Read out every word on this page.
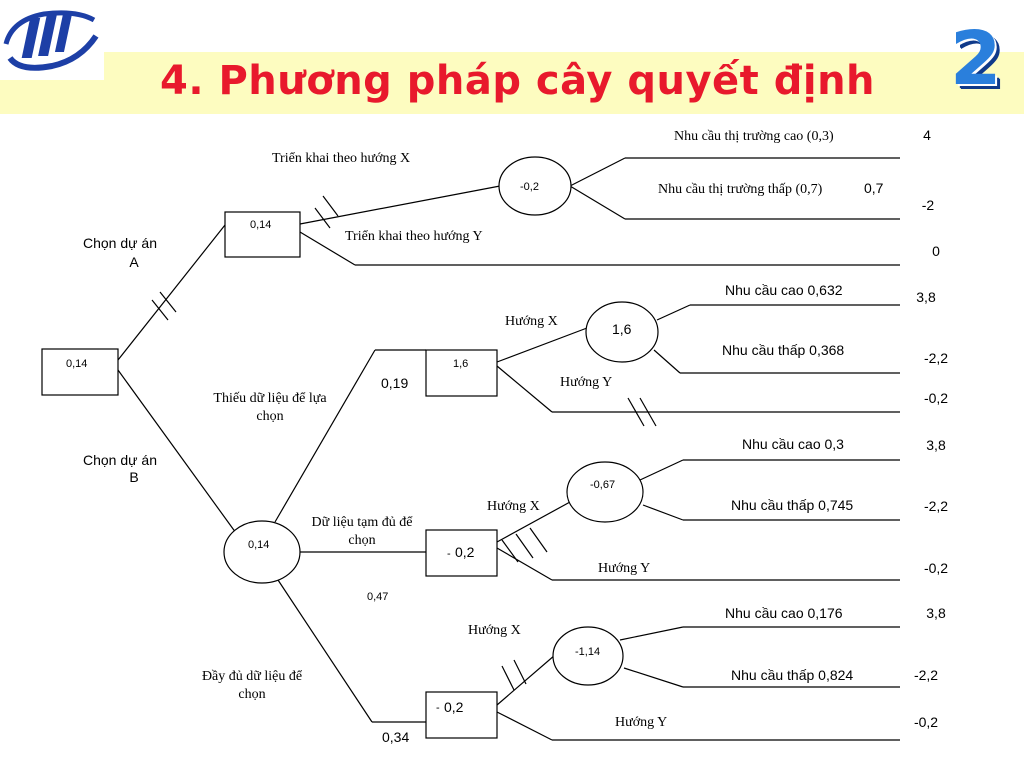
4. Phương pháp cây quyết định 2
0,14
0,14
-0,2
0,14
1,6
-0,67
-1,14
-
-
1,6
0,2
0,2
Chọn dự án
A
Chọn dự án
B
0,19
0,34
Nhu cầu cao 0,632
Nhu cầu thấp 0,368
Nhu cầu cao 0,3
Nhu cầu thấp 0,745
Nhu cầu cao 0,176
Nhu cầu thấp 0,824
0,7
0,47
Triển khai theo hướng X
Triển khai theo hướng Y
Nhu cầu thị trường cao (0,3)
Nhu cầu thị trường thấp (0,7)
Thiếu dữ liệu để lựa
chọn
Dữ liệu tạm đủ để
chọn
Đầy đủ dữ liệu để
chọn
Hướng X
Hướng Y
Hướng X
Hướng Y
Hướng X
Hướng Y
4
-2
0
3,8
-2,2
-0,2
3,8
-2,2
-0,2
3,8
-2,2
-0,2
